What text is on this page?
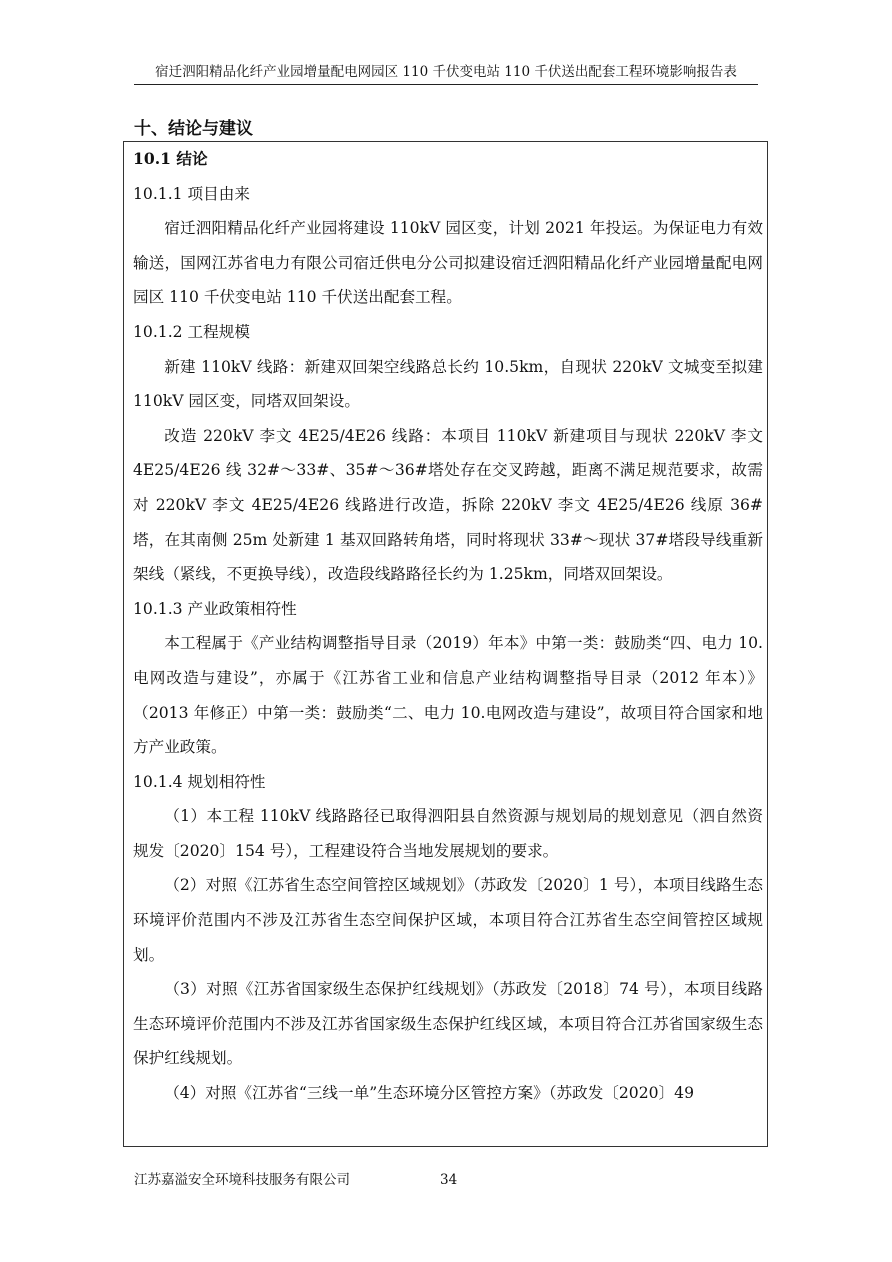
宿迁泗阳精品化纤产业园增量配电网园区 110 千伏变电站 110 千伏送出配套工程环境影响报告表
十、结论与建议

10.1 结论

10.1.1 项目由来

宿迁泗阳精品化纤产业园将建设 110kV 园区变，计划 2021 年投运。为保证电力有效输送，国网江苏省电力有限公司宿迁供电分公司拟建设宿迁泗阳精品化纤产业园增量配电网园区 110 千伏变电站 110 千伏送出配套工程。

10.1.2 工程规模

新建 110kV 线路：新建双回架空线路总长约 10.5km，自现状 220kV 文城变至拟建 110kV 园区变，同塔双回架设。

改造 220kV 李文 4E25/4E26 线路：本项目 110kV 新建项目与现状 220kV 李文 4E25/4E26 线 32#～33#、35#～36#塔处存在交叉跨越，距离不满足规范要求，故需对 220kV 李文 4E25/4E26 线路进行改造，拆除 220kV 李文 4E25/4E26 线原 36#塔，在其南侧 25m 处新建 1 基双回路转角塔，同时将现状 33#～现状 37#塔段导线重新架线（紧线，不更换导线），改造段线路路径长约为 1.25km，同塔双回架设。

10.1.3 产业政策相符性

本工程属于《产业结构调整指导目录（2019）年本》中第一类：鼓励类“四、电力 10.电网改造与建设”，亦属于《江苏省工业和信息产业结构调整指导目录（2012 年本）》（2013 年修正）中第一类：鼓励类“二、电力 10.电网改造与建设”，故项目符合国家和地方产业政策。

10.1.4 规划相符性

（1）本工程 110kV 线路路径已取得泗阳县自然资源与规划局的规划意见（泗自然资规发〔2020〕154 号），工程建设符合当地发展规划的要求。

（2）对照《江苏省生态空间管控区域规划》（苏政发〔2020〕1 号），本项目线路生态环境评价范围内不涉及江苏省生态空间保护区域，本项目符合江苏省生态空间管控区域规划。

（3）对照《江苏省国家级生态保护红线规划》（苏政发〔2018〕74 号），本项目线路生态环境评价范围内不涉及江苏省国家级生态保护红线区域，本项目符合江苏省国家级生态保护红线规划。

（4）对照《江苏省“三线一单”生态环境分区管控方案》（苏政发〔2020〕49

江苏嘉溢安全环境科技服务有限公司	34
